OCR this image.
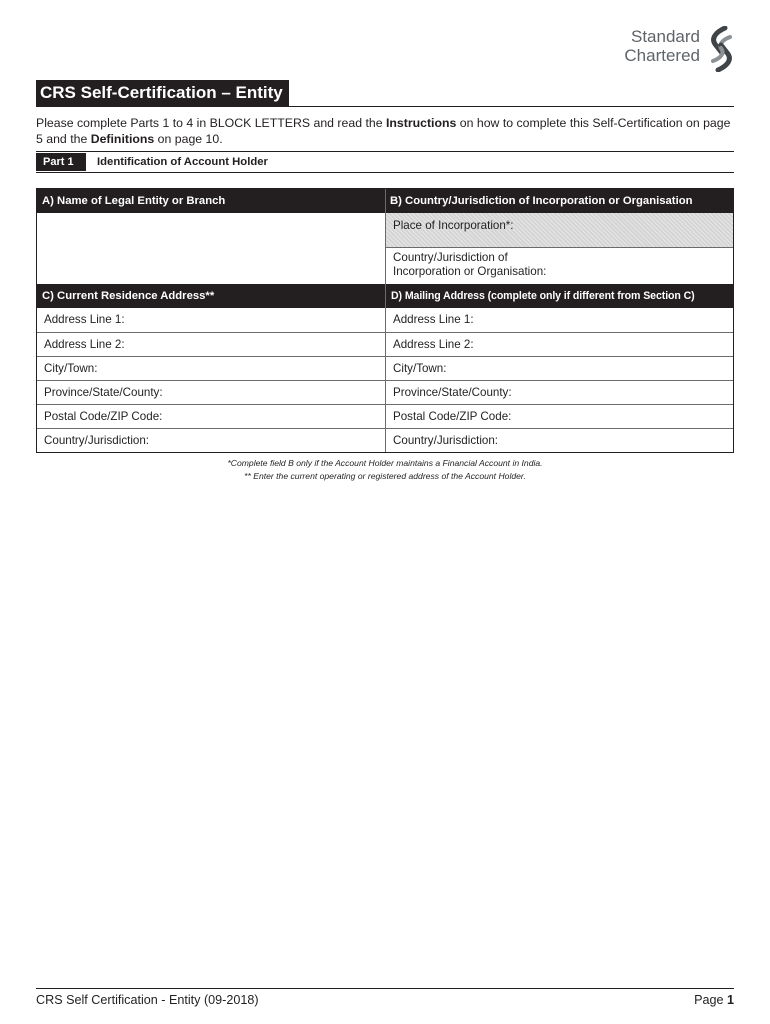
Standard
Chartered
CRS Self-Certification – Entity
Please complete Parts 1 to 4 in BLOCK LETTERS and read the Instructions on how to complete this Self-Certification on page 5 and the Definitions on page 10.
Part 1	Identification of Account Holder
A) Name of Legal Entity or Branch	B) Country/Jurisdiction of Incorporation or Organisation
Place of Incorporation*:
Country/Jurisdiction of
Incorporation or Organisation:
C) Current Residence Address**	D) Mailing Address (complete only if different from Section C)
Address Line 1:	Address Line 1:
Address Line 2:	Address Line 2:
City/Town:	City/Town:
Province/State/County:	Province/State/County:
Postal Code/ZIP Code:	Postal Code/ZIP Code:
Country/Jurisdiction:	Country/Jurisdiction:
*Complete field B only if the Account Holder maintains a Financial Account in India.
** Enter the current operating or registered address of the Account Holder.
CRS Self Certification - Entity (09-2018)	Page 1
